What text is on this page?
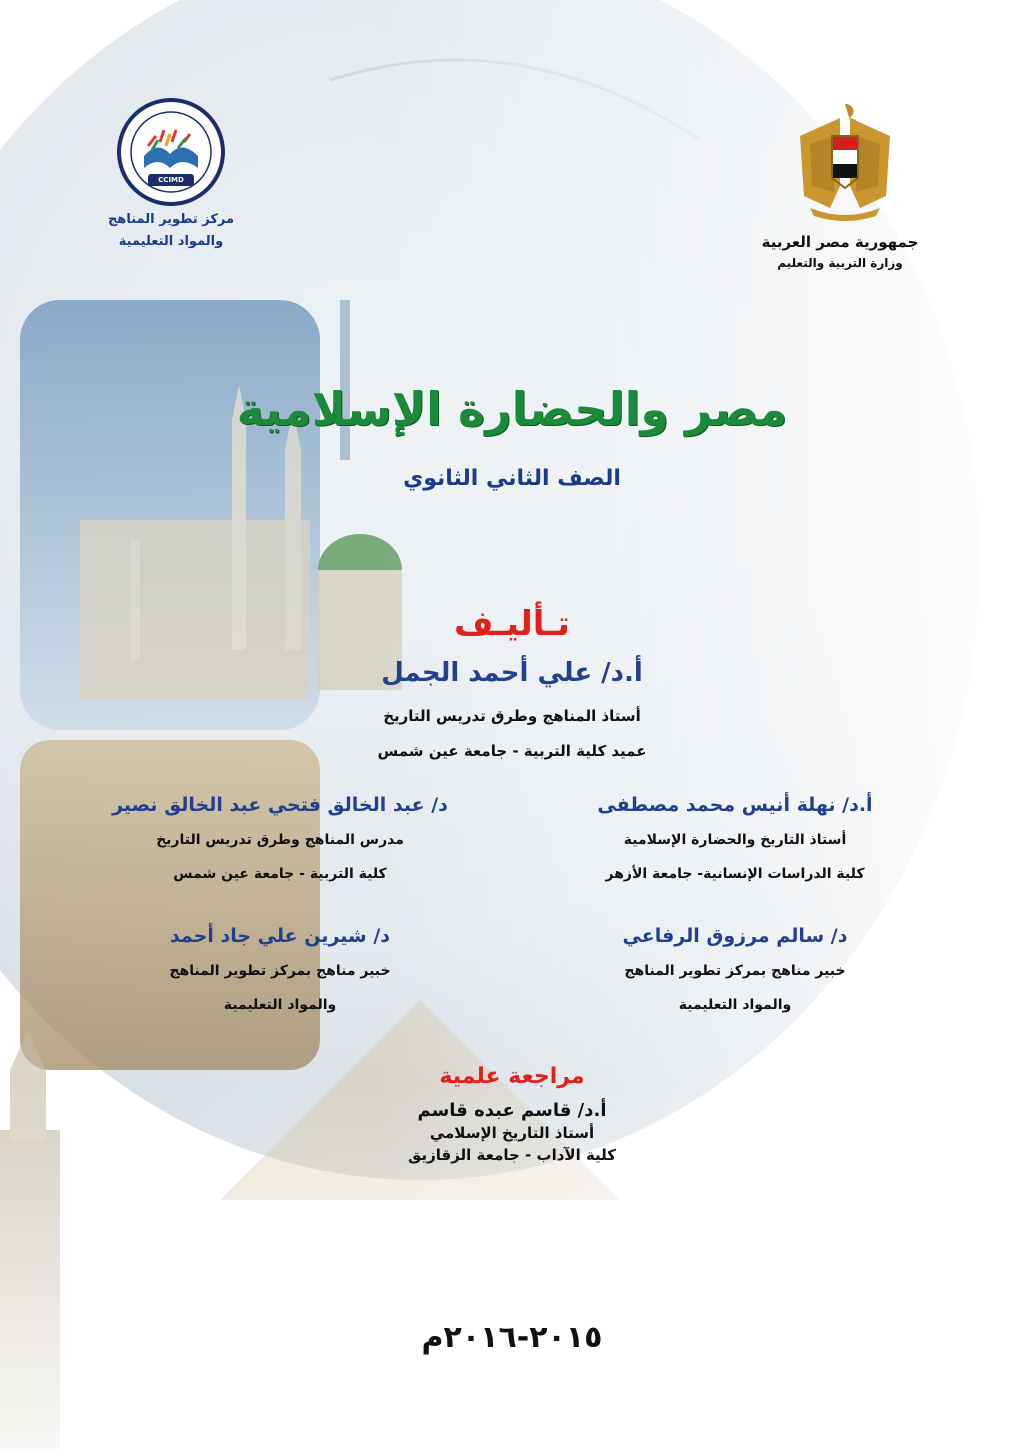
جمهورية مصر العربية
وزارة التربية والتعليم
CCIMD
مركز تطوير المناهج
والمواد التعليمية
مصر والحضارة الإسلامية
الصف الثاني الثانوي
تـأليـف
أ.د/ علي أحمد الجمل
أستاذ المناهج وطرق تدريس التاريخ
عميد كلية التربية - جامعة عين شمس
أ.د/ نهلة أنيس محمد مصطفى
أستاذ التاريخ والحضارة الإسلامية
كلية الدراسات الإنسانية- جامعة الأزهر
د/ عبد الخالق فتحي عبد الخالق نصير
مدرس المناهج وطرق تدريس التاريخ
كلية التربية - جامعة عين شمس
د/ سالم مرزوق الرفاعي
خبير مناهج بمركز تطوير المناهج
والمواد التعليمية
د/ شيرين علي جاد أحمد
خبير مناهج بمركز تطوير المناهج
والمواد التعليمية
مراجعة علمية
أ.د/ قاسم عبده قاسم
أستاذ التاريخ الإسلامي
كلية الآداب - جامعة الزقازيق
٢٠١٥-٢٠١٦م
